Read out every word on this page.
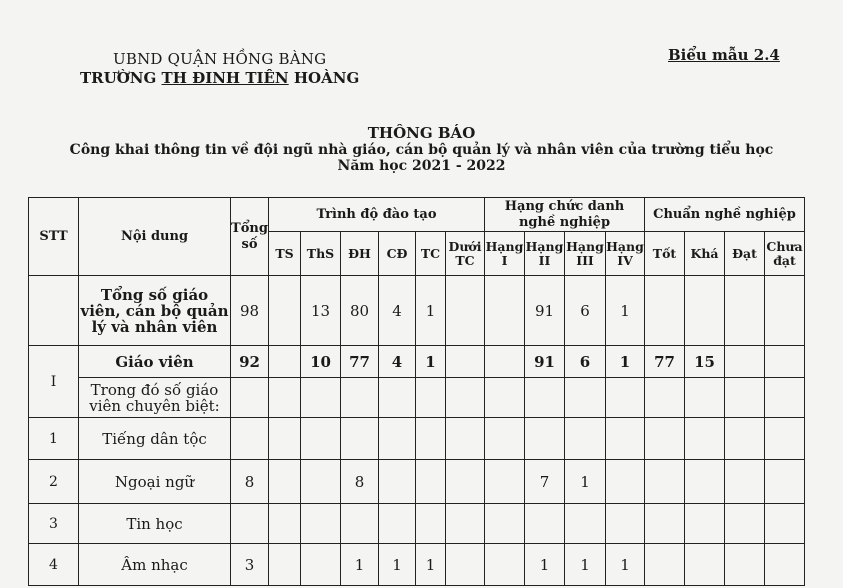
UBND QUẬN HỒNG BÀNG
TRƯỜNG TH ĐINH TIÊN HOÀNG
Biểu mẫu 2.4
THÔNG BÁO
Công khai thông tin về đội ngũ nhà giáo, cán bộ quản lý và nhân viên của trường tiểu học
Năm học 2021 - 2022
STT	Nội dung	Tổng số	Trình độ đào tạo						Hạng chức danh nghề nghiệp				Chuẩn nghề nghiệp			
			TS	ThS	ĐH	CĐ	TC	Dưới TC	Hạng I	Hạng II	Hạng III	Hạng IV	Tốt	Khá	Đạt	Chưa đạt
	Tổng số giáo viên, cán bộ quản lý và nhân viên	98		13	80	4	1			91	6	1				
I	Giáo viên	92		10	77	4	1			91	6	1	77	15		
	Trong đó số giáo viên chuyên biệt:															
1	Tiếng dân tộc															
2	Ngoại ngữ	8			8					7	1					
3	Tin học															
4	Âm nhạc	3			1	1	1			1	1	1				
